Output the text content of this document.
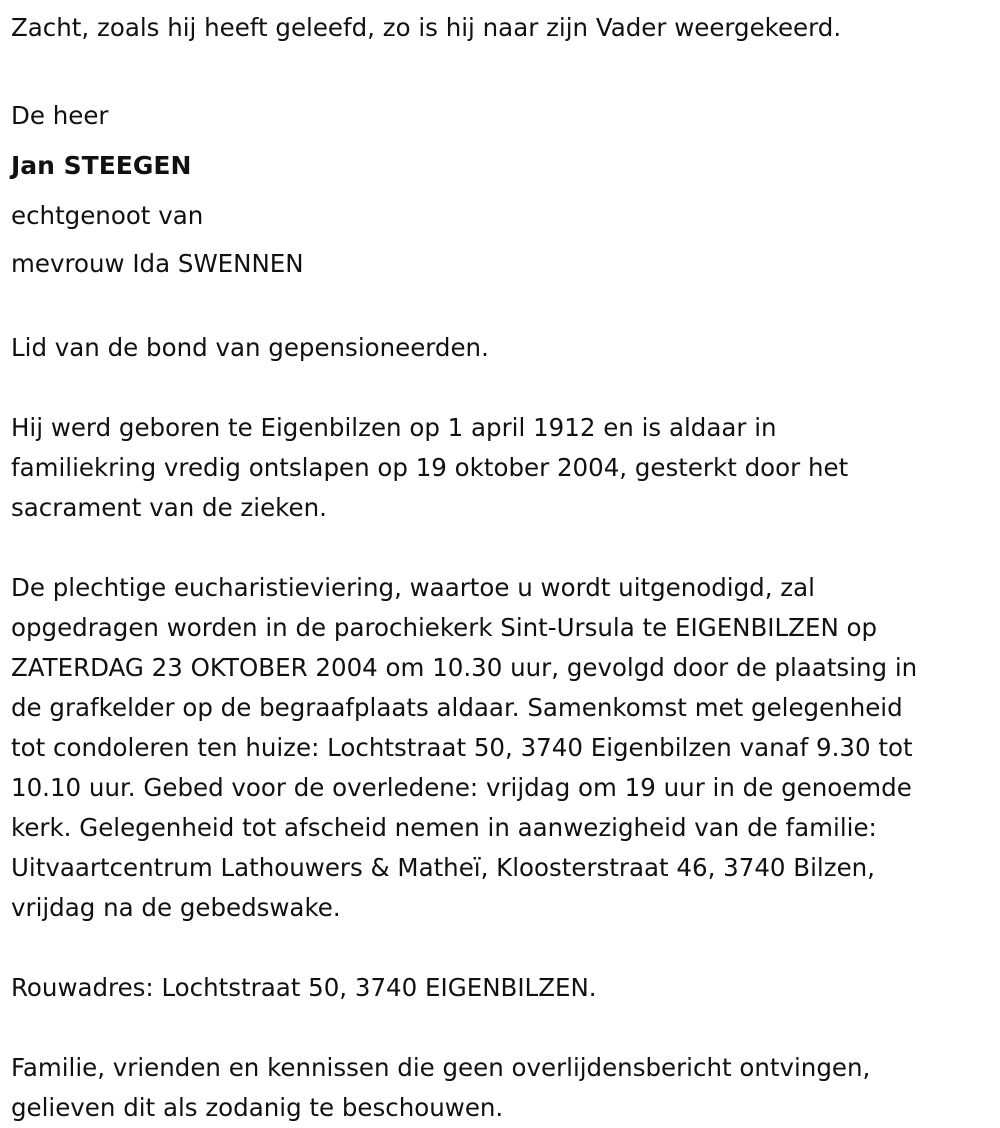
Zacht, zoals hij heeft geleefd, zo is hij naar zijn Vader weergekeerd.

De heer

Jan STEEGEN

echtgenoot van

mevrouw Ida SWENNEN

Lid van de bond van gepensioneerden.

Hij werd geboren te Eigenbilzen op 1 april 1912 en is aldaar in

familiekring vredig ontslapen op 19 oktober 2004, gesterkt door het

sacrament van de zieken.

De plechtige eucharistieviering, waartoe u wordt uitgenodigd, zal

opgedragen worden in de parochiekerk Sint-Ursula te EIGENBILZEN op

ZATERDAG 23 OKTOBER 2004 om 10.30 uur, gevolgd door de plaatsing in

de grafkelder op de begraafplaats aldaar. Samenkomst met gelegenheid

tot condoleren ten huize: Lochtstraat 50, 3740 Eigenbilzen vanaf 9.30 tot

10.10 uur. Gebed voor de overledene: vrijdag om 19 uur in de genoemde

kerk. Gelegenheid tot afscheid nemen in aanwezigheid van de familie:

Uitvaartcentrum Lathouwers & Matheï, Kloosterstraat 46, 3740 Bilzen,

vrijdag na de gebedswake.

Rouwadres: Lochtstraat 50, 3740 EIGENBILZEN.

Familie, vrienden en kennissen die geen overlijdensbericht ontvingen,

gelieven dit als zodanig te beschouwen.
